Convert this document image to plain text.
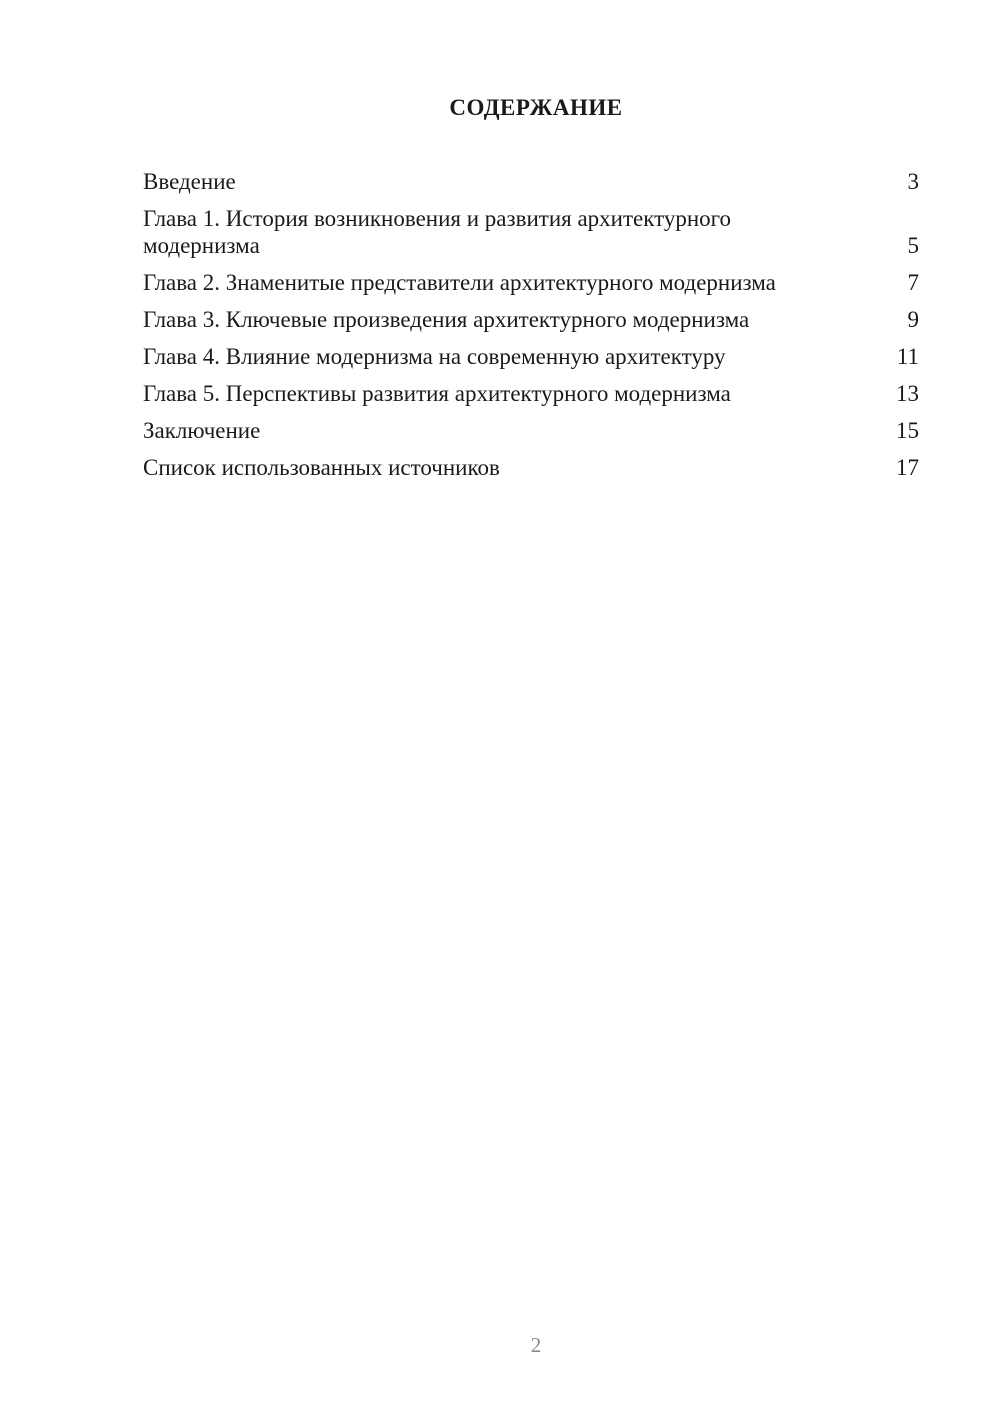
СОДЕРЖАНИЕ
Введение	3
Глава 1. История возникновения и развития архитектурного модернизма	5
Глава 2. Знаменитые представители архитектурного модернизма	7
Глава 3. Ключевые произведения архитектурного модернизма	9
Глава 4. Влияние модернизма на современную архитектуру	11
Глава 5. Перспективы развития архитектурного модернизма	13
Заключение	15
Список использованных источников	17
2
